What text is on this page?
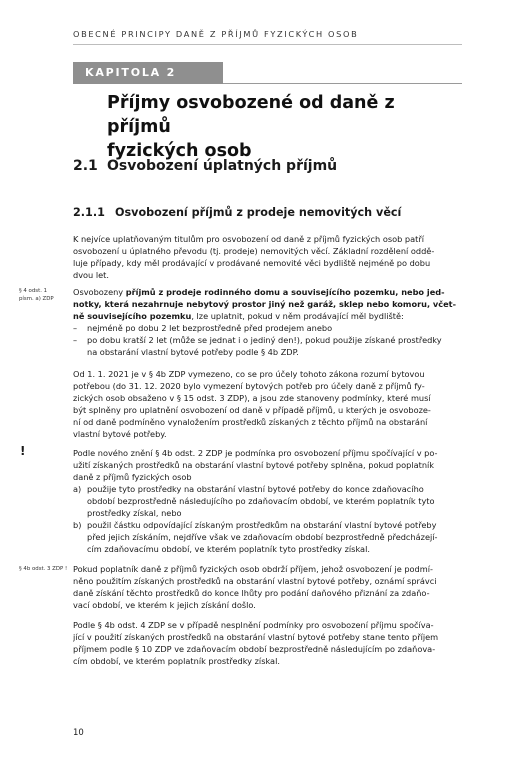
OBECNÉ PRINCIPY DANĚ Z PŘÍJMŮ FYZICKÝCH OSOB
KAPITOLA 2
Příjmy osvobozené od daně z příjmů
fyzických osob
2.1 Osvobození úplatných příjmů
2.1.1 Osvobození příjmů z prodeje nemovitých věcí
K nejvíce uplatňovaným titulům pro osvobození od daně z příjmů fyzických osob patří
osvobození u úplatného převodu (tj. prodeje) nemovitých věcí. Základní rozdělení oddě-
luje případy, kdy měl prodávající v prodávané nemovité věci bydliště nejméně po dobu
dvou let.
§ 4 odst. 1
písm. a) ZDP
Osvobozeny příjmů z prodeje rodinného domu a souvisejícího pozemku, nebo jed-
notky, která nezahrnuje nebytový prostor jiný než garáž, sklep nebo komoru, včet-
ně souvisejícího pozemku, lze uplatnit, pokud v něm prodávající měl bydliště:
–	nejméně po dobu 2 let bezprostředně před prodejem anebo
–	po dobu kratší 2 let (může se jednat i o jediný den!), pokud použije získané prostředky
na obstarání vlastní bytové potřeby podle § 4b ZDP.
Od 1. 1. 2021 je v § 4b ZDP vymezeno, co se pro účely tohoto zákona rozumí bytovou
potřebou (do 31. 12. 2020 bylo vymezení bytových potřeb pro účely daně z příjmů fy-
zických osob obsaženo v § 15 odst. 3 ZDP), a jsou zde stanoveny podmínky, které musí
být splněny pro uplatnění osvobození od daně v případě příjmů, u kterých je osvoboze-
ní od daně podmíněno vynaložením prostředků získaných z těchto příjmů na obstarání
vlastní bytové potřeby.
!	Podle nového znění § 4b odst. 2 ZDP je podmínka pro osvobození příjmu spočívající v po-
užití získaných prostředků na obstarání vlastní bytové potřeby splněna, pokud poplatník
daně z příjmů fyzických osob
a) použije tyto prostředky na obstarání vlastní bytové potřeby do konce zdaňovacího
období bezprostředně následujícího po zdaňovacím období, ve kterém poplatník tyto
prostředky získal, nebo
b) použil částku odpovídající získaným prostředkům na obstarání vlastní bytové potřeby
před jejich získáním, nejdříve však ve zdaňovacím období bezprostředně předcházejí-
cím zdaňovacímu období, ve kterém poplatník tyto prostředky získal.
§ 4b odst. 3 ZDP ! Pokud poplatník daně z příjmů fyzických osob obdrží příjem, jehož osvobození je podmí-
něno použitím získaných prostředků na obstarání vlastní bytové potřeby, oznámí správci
daně získání těchto prostředků do konce lhůty pro podání daňového přiznání za zdaňo-
vací období, ve kterém k jejich získání došlo.
Podle § 4b odst. 4 ZDP se v případě nesplnění podmínky pro osvobození příjmu spočíva-
jící v použití získaných prostředků na obstarání vlastní bytové potřeby stane tento příjem
příjmem podle § 10 ZDP ve zdaňovacím období bezprostředně následujícím po zdaňova-
cím období, ve kterém poplatník prostředky získal.
10
